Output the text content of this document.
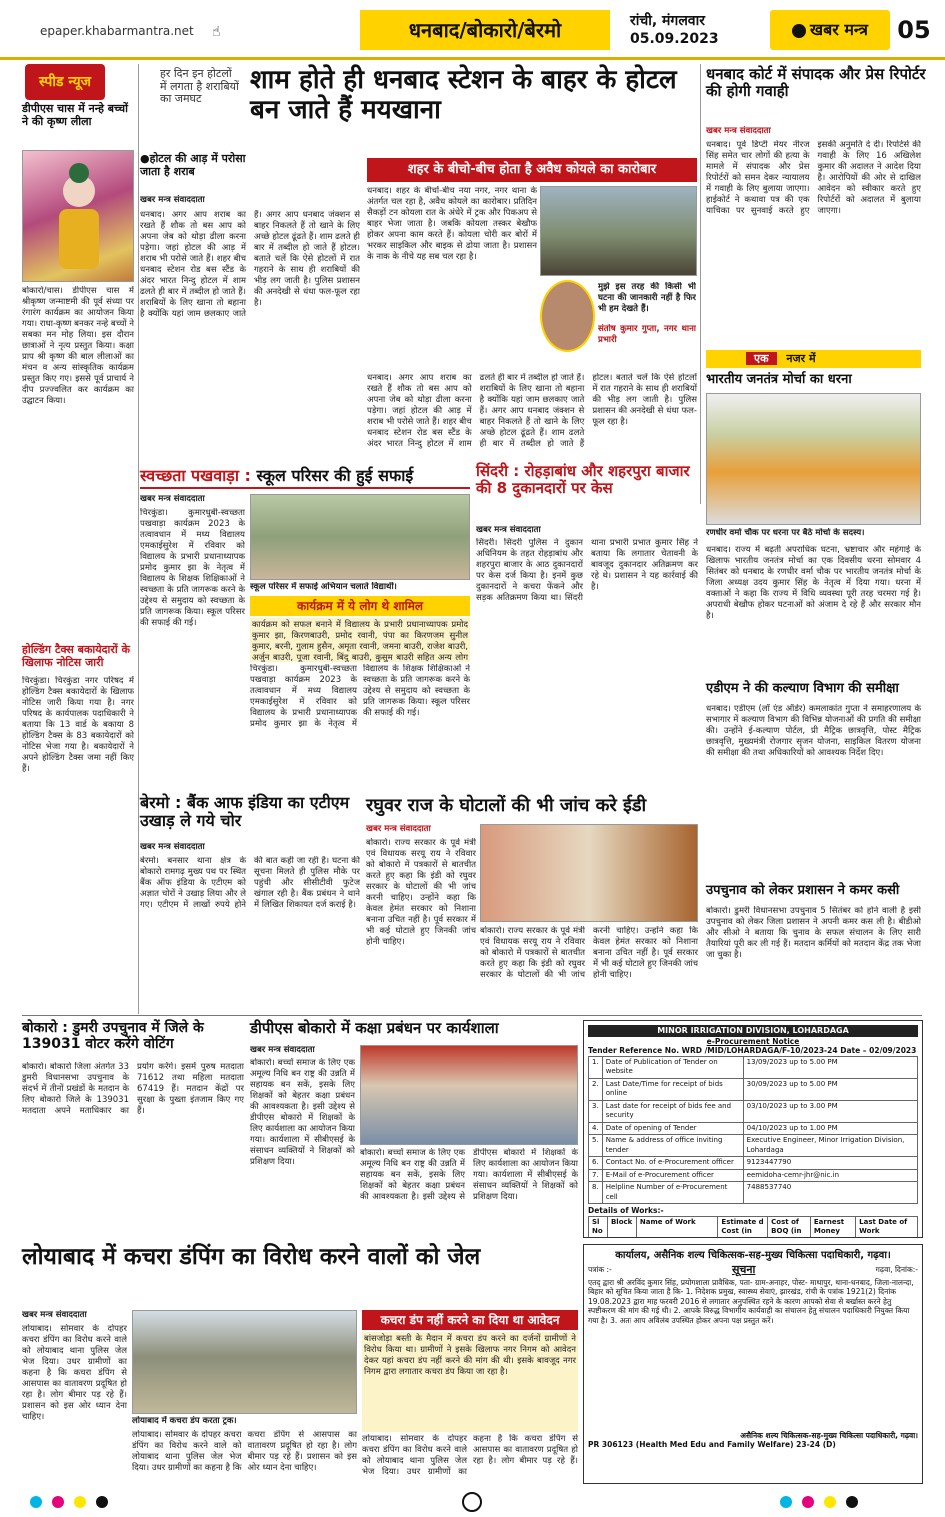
epaper.khabarmantra.net ☝	धनबाद/बोकारो/बेरमो	रांची, मंगलवार
05.09.2023	खबर मन्त्र	05
स्पीड न्यूज
डीपीएस चास में नन्हे बच्चों ने की कृष्ण लीला
बोकारो/चास। डीपीएस चास में श्रीकृष्ण जन्माष्टमी की पूर्व संध्या पर रंगारंग कार्यक्रम का आयोजन किया गया। राधा-कृष्ण बनकर नन्हे बच्चों ने सबका मन मोह लिया। इस दौरान छात्राओं ने नृत्य प्रस्तुत किया। कक्षा प्राप श्री कृष्ण की बाल लीलाओं का मंचन व अन्य सांस्कृतिक कार्यक्रम प्रस्तुत किए गए। इससे पूर्व प्राचार्य ने दीप प्रज्ज्वलित कर कार्यक्रम का उद्घाटन किया।
होल्डिंग टैक्स बकायेदारों के खिलाफ नोटिस जारी
चिरकुंडा। चिरकुंडा नगर परिषद में होल्डिंग टैक्स बकायेदारों के खिलाफ नोटिस जारी किया गया है। नगर परिषद के कार्यपालक पदाधिकारी ने बताया कि 13 वार्ड के बकाया 8 होल्डिंग टैक्स के 83 बकायेदारों को नोटिस भेजा गया है। बकायेदारों ने अपने होल्डिंग टैक्स जमा नहीं किए हैं।
हर दिन इन होटलों में लगता है शराबियों का जमघट
शाम होते ही धनबाद स्टेशन के बाहर के होटल बन जाते हैं मयखाना
●होटल की आड़ में परोसा जाता है शराब
खबर मन्त्र संवाददाता
धनबाद। अगर आप शराब का रखते हैं शौक तो बस आप को अपना जेब को थोड़ा ढीला करना पड़ेगा। जहां होटल की आड़ में शराब भी परोसे जाते हैं। शहर बीच धनबाद स्टेशन रोड बस स्टैंड के अंदर भारत निन्दु होटल में शाम ढलते ही बार में तब्दील हो जाते हैं। शराबियों के लिए खाना तो बहाना है क्योंकि यहां जाम छलकाए जाते हैं। अगर आप धनबाद जंक्शन से बाहर निकलते हैं तो खाने के लिए अच्छे होटल ढूंढते हैं। शाम ढलते ही बार में तब्दील हो जाते हैं होटल। बताते चलें कि ऐसे होटलों में रात गहराने के साथ ही शराबियों की भीड़ लग जाती है। पुलिस प्रशासन की अनदेखी से धंधा फल-फूल रहा है।
शहर के बीचो-बीच होता है अवैध कोयले का कारोबार
धनबाद। शहर के बीचों-बीच नया नगर, नगर थाना के अंतर्गत चल रहा है, अवैध कोयले का कारोबार। प्रतिदिन सैकड़ों टन कोयला रात के अंधेरे में ट्रक और पिकअप से बाहर भेजा जाता है। जबकि कोयला तस्कर बेखौफ होकर अपना काम करते हैं। कोयला चोरी कर बोरों में भरकर साइकिल और बाइक से ढोया जाता है। प्रशासन के नाक के नीचे यह सब चल रहा है।
मुझे इस तरह की किसी भी घटना की जानकारी नहीं है फिर भी हम देखते हैं।
संतोष कुमार गुप्ता, नगर थाना प्रभारी
धनबाद। अगर आप शराब का रखते हैं शौक तो बस आप को अपना जेब को थोड़ा ढीला करना पड़ेगा। जहां होटल की आड़ में शराब भी परोसे जाते हैं। शहर बीच धनबाद स्टेशन रोड बस स्टैंड के अंदर भारत निन्दु होटल में शाम ढलते ही बार में तब्दील हो जाते हैं। शराबियों के लिए खाना तो बहाना है क्योंकि यहां जाम छलकाए जाते हैं। अगर आप धनबाद जंक्शन से बाहर निकलते हैं तो खाने के लिए अच्छे होटल ढूंढते हैं। शाम ढलते ही बार में तब्दील हो जाते हैं होटल। बताते चलें कि ऐसे होटलों में रात गहराने के साथ ही शराबियों की भीड़ लग जाती है। पुलिस प्रशासन की अनदेखी से धंधा फल-फूल रहा है।
धनबाद कोर्ट में संपादक और प्रेस रिपोर्टर की होगी गवाही
खबर मन्त्र संवाददाता
धनबाद। पूर्व डिप्टी मेयर नीरज सिंह समेत चार लोगों की हत्या के मामले में संपादक और प्रेस रिपोर्टरों को समन देकर न्यायालय में गवाही के लिए बुलाया जाएगा। हाईकोर्ट ने कथावा पत्र की एक याचिका पर सुनवाई करते हुए इसकी अनुमति दे दी। रिपोर्टर्स की गवाही के लिए 16 अखिलेश कुमार की अदालत ने आदेश दिया है। आरोपियों की ओर से दाखिल आवेदन को स्वीकार करते हुए रिपोर्टरों को अदालत में बुलाया जाएगा।
एक नजर में
भारतीय जनतंत्र मोर्चा का धरना
रणधीर वर्मा चौक पर धरना पर बैठे मोर्चा के सदस्य।
धनबाद। राज्य में बढ़ती अपराधिक घटना, भ्रष्टाचार और महंगाई के खिलाफ भारतीय जनतंत्र मोर्चा का एक दिवसीय धरना सोमवार 4 सितंबर को धनबाद के रणधीर वर्मा चौक पर भारतीय जनतंत्र मोर्चा के जिला अध्यक्ष उदय कुमार सिंह के नेतृत्व में दिया गया। धरना में वक्ताओं ने कहा कि राज्य में विधि व्यवस्था पूरी तरह चरमरा गई है। अपराधी बेखौफ होकर घटनाओं को अंजाम दे रहे हैं और सरकार मौन है।
एडीएम ने की कल्याण विभाग की समीक्षा
धनबाद। एडीएम (लॉ एंड ऑर्डर) कमलाकांत गुप्ता ने समाहरणालय के सभागार में कल्याण विभाग की विभिन्न योजनाओं की प्रगति की समीक्षा की। उन्होंने ई-कल्याण पोर्टल, प्री मैट्रिक छात्रवृत्ति, पोस्ट मैट्रिक छात्रवृत्ति, मुख्यमंत्री रोजगार सृजन योजना, साइकिल वितरण योजना की समीक्षा की तथा अधिकारियों को आवश्यक निर्देश दिए।
उपचुनाव को लेकर प्रशासन ने कमर कसी
बोकारो। डुमरी विधानसभा उपचुनाव 5 सितंबर को होने वाली है इसी उपचुनाव को लेकर जिला प्रशासन ने अपनी कमर कस ली है। बीडीओ और सीओ ने बताया कि चुनाव के सफल संचालन के लिए सारी तैयारियां पूरी कर ली गई हैं। मतदान कर्मियों को मतदान केंद्र तक भेजा जा चुका है।
स्वच्छता पखवाड़ा : स्कूल परिसर की हुई सफाई
खबर मन्त्र संवाददाता
चिरकुंडा। कुमारधुबी-स्वच्छता पखवाड़ा कार्यक्रम 2023 के तत्वावधान में मध्य विद्यालय एमकाईसुरेश में रविवार को विद्यालय के प्रभारी प्रधानाध्यापक प्रमोद कुमार झा के नेतृत्व में विद्यालय के शिक्षक शिक्षिकाओं ने स्वच्छता के प्रति जागरूक करने के उद्देश्य से समुदाय को स्वच्छता के प्रति जागरूक किया। स्कूल परिसर की सफाई की गई।
स्कूल परिसर में सफाई अभियान चलाते विद्यार्थी।
कार्यक्रम में ये लोग थे शामिल
कार्यक्रम को सफल बनाने में विद्यालय के प्रभारी प्रधानाध्यापक प्रमोद कुमार झा, किरणबाउरी, प्रमोद रवानी, पंपा का किरणजम सुनील कुमार, बरनी, गुलाम हुसैन, अमृता रवानी, जमना बाउरी, राजेश बाउरी, अर्जुन बाउरी, पूजा रवानी, बिंदु बाउरी, कुसुम बाउरी सहित अन्य लोग
चिरकुंडा। कुमारधुबी-स्वच्छता पखवाड़ा कार्यक्रम 2023 के तत्वावधान में मध्य विद्यालय एमकाईसुरेश में रविवार को विद्यालय के प्रभारी प्रधानाध्यापक प्रमोद कुमार झा के नेतृत्व में विद्यालय के शिक्षक शिक्षिकाओं ने स्वच्छता के प्रति जागरूक करने के उद्देश्य से समुदाय को स्वच्छता के प्रति जागरूक किया। स्कूल परिसर की सफाई की गई।
सिंदरी : रोहड़ाबांध और शहरपुरा बाजार की 8 दुकानदारों पर केस
खबर मन्त्र संवाददाता
सिंदरी। सिंदरी पुलिस ने दुकान अधिनियम के तहत रोहड़ाबांध और शहरपुरा बाजार के आठ दुकानदारों पर केस दर्ज किया है। इनमें कुछ दुकानदारों ने कचरा फेंकने और सड़क अतिक्रमण किया था। सिंदरी थाना प्रभारी प्रभात कुमार सिंह ने बताया कि लगातार चेतावनी के बावजूद दुकानदार अतिक्रमण कर रहे थे। प्रशासन ने यह कार्रवाई की है।
बेरमो : बैंक आफ इंडिया का एटीएम उखाड़ ले गये चोर
खबर मन्त्र संवाददाता
बेरमो। बनसार थाना क्षेत्र के बोकारो रामगढ़ मुख्य पथ पर स्थित बैंक ऑफ इंडिया के एटीएम को अज्ञात चोरों ने उखाड़ लिया और ले गए। एटीएम में लाखों रुपये होने की बात कही जा रही है। घटना की सूचना मिलते ही पुलिस मौके पर पहुंची और सीसीटीवी फुटेज खंगाल रही है। बैंक प्रबंधन ने थाने में लिखित शिकायत दर्ज कराई है।
रघुवर राज के घोटालों की भी जांच करे ईडी
खबर मन्त्र संवाददाता
बोकारो। राज्य सरकार के पूर्व मंत्री एवं विधायक सरयू राय ने रविवार को बोकारो में पत्रकारों से बातचीत करते हुए कहा कि इंडी को रघुवर सरकार के घोटालों की भी जांच करनी चाहिए। उन्होंने कहा कि केवल हेमंत सरकार को निशाना बनाना उचित नहीं है। पूर्व सरकार में भी कई घोटाले हुए जिनकी जांच होनी चाहिए।
बोकारो। राज्य सरकार के पूर्व मंत्री एवं विधायक सरयू राय ने रविवार को बोकारो में पत्रकारों से बातचीत करते हुए कहा कि इंडी को रघुवर सरकार के घोटालों की भी जांच करनी चाहिए। उन्होंने कहा कि केवल हेमंत सरकार को निशाना बनाना उचित नहीं है। पूर्व सरकार में भी कई घोटाले हुए जिनकी जांच होनी चाहिए।
बोकारो : डुमरी उपचुनाव में जिले के 139031 वोटर करेंगे वोटिंग
बोकारो। बोकारो जिला अंतर्गत 33 डुमरी विधानसभा उपचुनाव के संदर्भ में तीनों प्रखंडों के मतदान के लिए बोकारो जिले के 139031 मतदाता अपने मताधिकार का प्रयोग करेंगे। इसमें पुरुष मतदाता 71612 तथा महिला मतदाता 67419 हैं। मतदान केंद्रों पर सुरक्षा के पुख्ता इंतजाम किए गए हैं।
डीपीएस बोकारो में कक्षा प्रबंधन पर कार्यशाला
खबर मन्त्र संवाददाता
बोकारो। बच्चों समाज के लिए एक अमूल्य निधि बन राष्ट्र की उन्नति में सहायक बन सकें, इसके लिए शिक्षकों को बेहतर कक्षा प्रबंधन की आवश्यकता है। इसी उद्देश्य से डीपीएस बोकारो में शिक्षकों के लिए कार्यशाला का आयोजन किया गया। कार्यशाला में सीबीएसई के संसाधन व्यक्तियों ने शिक्षकों को प्रशिक्षण दिया।
बोकारो। बच्चों समाज के लिए एक अमूल्य निधि बन राष्ट्र की उन्नति में सहायक बन सकें, इसके लिए शिक्षकों को बेहतर कक्षा प्रबंधन की आवश्यकता है। इसी उद्देश्य से डीपीएस बोकारो में शिक्षकों के लिए कार्यशाला का आयोजन किया गया। कार्यशाला में सीबीएसई के संसाधन व्यक्तियों ने शिक्षकों को प्रशिक्षण दिया।
MINOR IRRIGATION DIVISION, LOHARDAGA
e-Procurement Notice
Tender Reference No. WRD /MID/LOHARDAGA/F-10/2023-24 Date – 02/09/2023
1.	Date of Publication of Tender on website	13/09/2023 up to 5.00 PM
2.	Last Date/Time for receipt of bids online	30/09/2023 up to 5.00 PM
3.	Last date for receipt of bids fee and security	03/10/2023 up to 3.00 PM
4.	Date of opening of Tender	04/10/2023 up to 1.00 PM
5.	Name & address of office inviting tender	Executive Engineer, Minor Irrigation Division, Lohardaga
6.	Contact No. of e-Procurement officer	9123447790
7.	E-Mail of e-Procurement officer	eemidoha-cemr-jhr@nic.in
8.	Helpline Number of e-Procurement cell	7488537740
Details of Works:-
Sl No	Block	Name of Work	Estimate d Cost (in	Cost of BOQ (in	Earnest Money	Last Date of Work

कार्यालय, असैनिक शल्य चिकित्सक-सह-मुख्य चिकित्सा पदाधिकारी, गढ़वा।
पत्रांक :-	सूचना	गढ़वा, दिनांक:-
एतद् द्वारा श्री अरविंद कुमार सिंह, प्रयोगशाला प्रावैधिक, पता- ग्राम-अनाहर, पोस्ट- माथापुर, थाना-धनबाद, जिला-नालन्दा, बिहार को सूचित किया जाता है कि- 1. निदेशक प्रमुख, स्वास्थ्य सेवाएं, झारखंड, रांची के पत्रांक 1921(2) दिनांक 19.08.2023 द्वारा माह फरवरी 2016 से लगातार अनुपस्थित रहने के कारण आपको सेवा से बर्खास्त करने हेतु स्पष्टीकरण की मांग की गई थी। 2. आपके विरुद्ध विभागीय कार्यवाही का संचालन हेतु संचालन पदाधिकारी नियुक्त किया गया है। 3. अतः आप अविलंब उपस्थित होकर अपना पक्ष प्रस्तुत करें।
असैनिक शल्य चिकित्सक-सह-मुख्य चिकित्सा पदाधिकारी, गढ़वा।
PR 306123 (Health Med Edu and Family Welfare) 23-24 (D)
लोयाबाद में कचरा डंपिंग का विरोध करने वालों को जेल
खबर मन्त्र संवाददाता
लोयाबाद। सोमवार के दोपहर कचरा डंपिंग का विरोध करने वाले को लोयाबाद थाना पुलिस जेल भेज दिया। उधर ग्रामीणों का कहना है कि कचरा डंपिंग से आसपास का वातावरण प्रदूषित हो रहा है। लोग बीमार पड़ रहे हैं। प्रशासन को इस ओर ध्यान देना चाहिए।	लोयाबाद में कचरा डंप करता ट्रक।
लोयाबाद। सोमवार के दोपहर कचरा डंपिंग का विरोध करने वाले को लोयाबाद थाना पुलिस जेल भेज दिया। उधर ग्रामीणों का कहना है कि कचरा डंपिंग से आसपास का वातावरण प्रदूषित हो रहा है। लोग बीमार पड़ रहे हैं। प्रशासन को इस ओर ध्यान देना चाहिए।
कचरा डंप नहीं करने का दिया था आवेदन
बांसजोड़ा बस्ती के मैदान में कचरा डंप करने का दर्जनों ग्रामीणों ने विरोध किया था। ग्रामीणों ने इसके खिलाफ नगर निगम को आवेदन देकर यहां कचरा डंप नहीं करने की मांग की थी। इसके बावजूद नगर निगम द्वारा लगातार कचरा डंप किया जा रहा है।
लोयाबाद। सोमवार के दोपहर कचरा डंपिंग का विरोध करने वाले को लोयाबाद थाना पुलिस जेल भेज दिया। उधर ग्रामीणों का कहना है कि कचरा डंपिंग से आसपास का वातावरण प्रदूषित हो रहा है। लोग बीमार पड़ रहे हैं।
